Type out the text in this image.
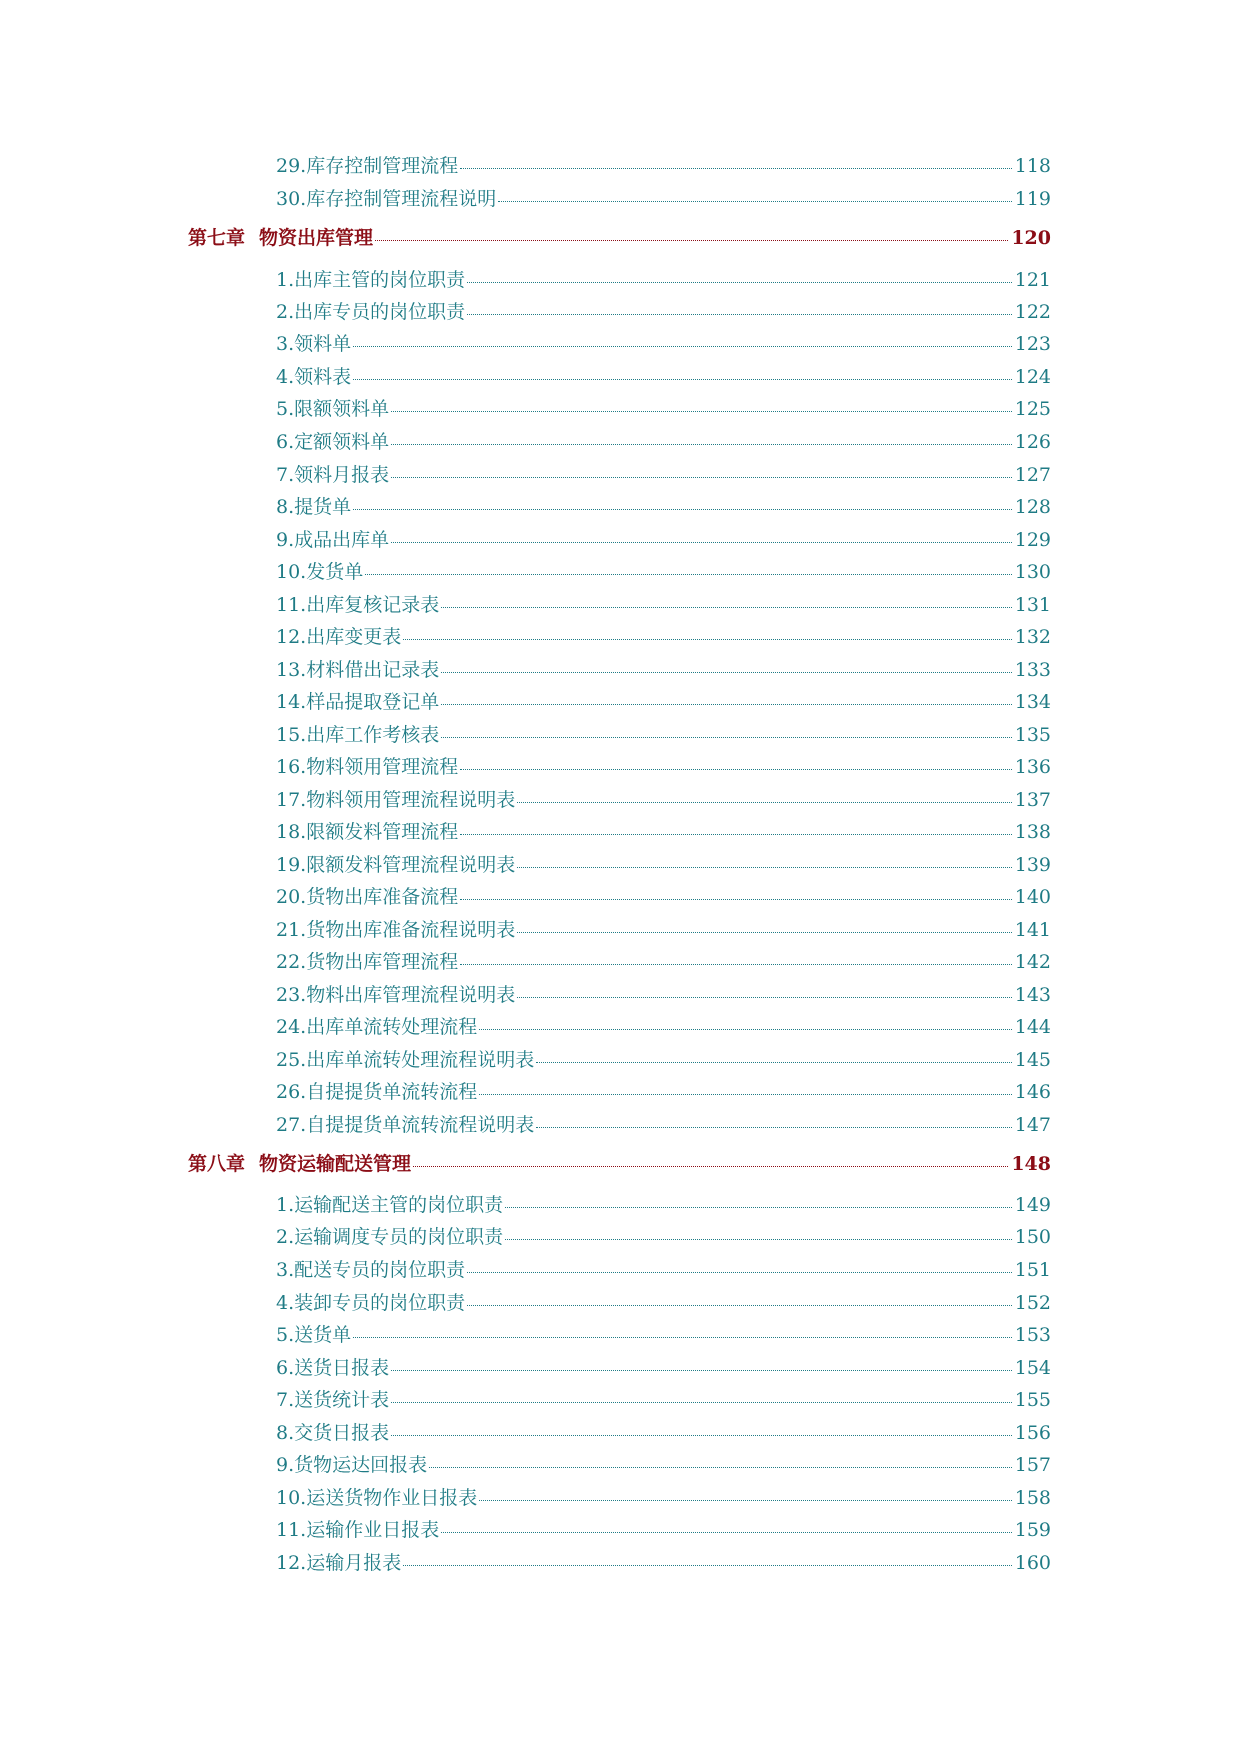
29.库存控制管理流程	118
30.库存控制管理流程说明	119
第七章 物资出库管理	120
1.出库主管的岗位职责	121
2.出库专员的岗位职责	122
3.领料单	123
4.领料表	124
5.限额领料单	125
6.定额领料单	126
7.领料月报表	127
8.提货单	128
9.成品出库单	129
10.发货单	130
11.出库复核记录表	131
12.出库变更表	132
13.材料借出记录表	133
14.样品提取登记单	134
15.出库工作考核表	135
16.物料领用管理流程	136
17.物料领用管理流程说明表	137
18.限额发料管理流程	138
19.限额发料管理流程说明表	139
20.货物出库准备流程	140
21.货物出库准备流程说明表	141
22.货物出库管理流程	142
23.物料出库管理流程说明表	143
24.出库单流转处理流程	144
25.出库单流转处理流程说明表	145
26.自提提货单流转流程	146
27.自提提货单流转流程说明表	147
第八章 物资运输配送管理	148
1.运输配送主管的岗位职责	149
2.运输调度专员的岗位职责	150
3.配送专员的岗位职责	151
4.装卸专员的岗位职责	152
5.送货单	153
6.送货日报表	154
7.送货统计表	155
8.交货日报表	156
9.货物运达回报表	157
10.运送货物作业日报表	158
11.运输作业日报表	159
12.运输月报表	160
